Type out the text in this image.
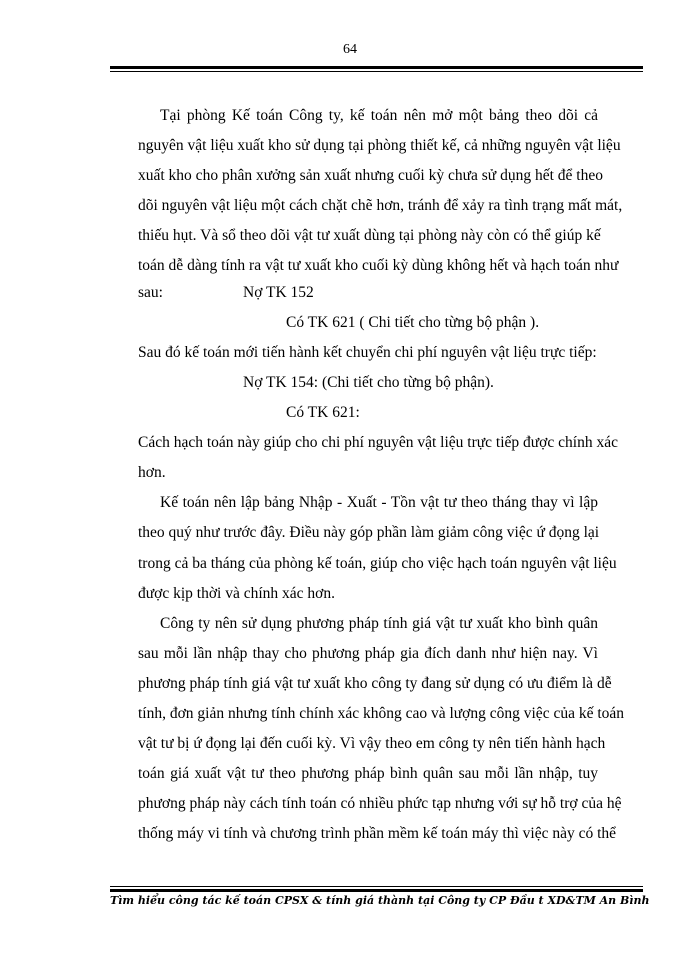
64
Tại phòng Kế toán Công ty, kế toán nên mở một bảng theo dõi cả
nguyên vật liệu xuất kho sử dụng tại phòng thiết kế, cả những nguyên vật liệu
xuất kho cho phân xưởng sản xuất nhưng cuối kỳ chưa sử dụng hết để theo
dõi nguyên vật liệu một cách chặt chẽ hơn, tránh để xảy ra tình trạng mất mát,
thiếu hụt. Và sổ theo dõi vật tư xuất dùng tại phòng này còn có thể giúp kế
toán dễ dàng tính ra vật tư xuất kho cuối kỳ dùng không hết và hạch toán như
sau:	Nợ TK 152
Có TK 621 ( Chi tiết cho từng bộ phận ).
Sau đó kế toán mới tiến hành kết chuyển chi phí nguyên vật liệu trực tiếp:
Nợ TK 154: (Chi tiết cho từng bộ phận).
Có TK 621:
Cách hạch toán này giúp cho chi phí nguyên vật liệu trực tiếp được chính xác
hơn.
Kế toán nên lập bảng Nhập - Xuất - Tồn vật tư theo tháng thay vì lập
theo quý như trước đây. Điều này góp phần làm giảm công việc ứ đọng lại
trong cả ba tháng của phòng kế toán, giúp cho việc hạch toán nguyên vật liệu
được kịp thời và chính xác hơn.
Công ty nên sử dụng phương pháp tính giá vật tư xuất kho bình quân
sau mỗi lần nhập thay cho phương pháp gia đích danh như hiện nay. Vì
phương pháp tính giá vật tư xuất kho công ty đang sử dụng có ưu điểm là dễ
tính, đơn giản nhưng tính chính xác không cao và lượng công việc của kế toán
vật tư bị ứ đọng lại đến cuối kỳ. Vì vậy theo em công ty nên tiến hành hạch
toán giá xuất vật tư theo phương pháp bình quân sau mỗi lần nhập, tuy
phương pháp này cách tính toán có nhiều phức tạp nhưng với sự hỗ trợ của hệ
thống máy vi tính và chương trình phần mềm kế toán máy thì việc này có thể
Tìm hiểu công tác kế toán CPSX & tính giá thành tại Công ty CP Đầu t XD&TM An Bình
